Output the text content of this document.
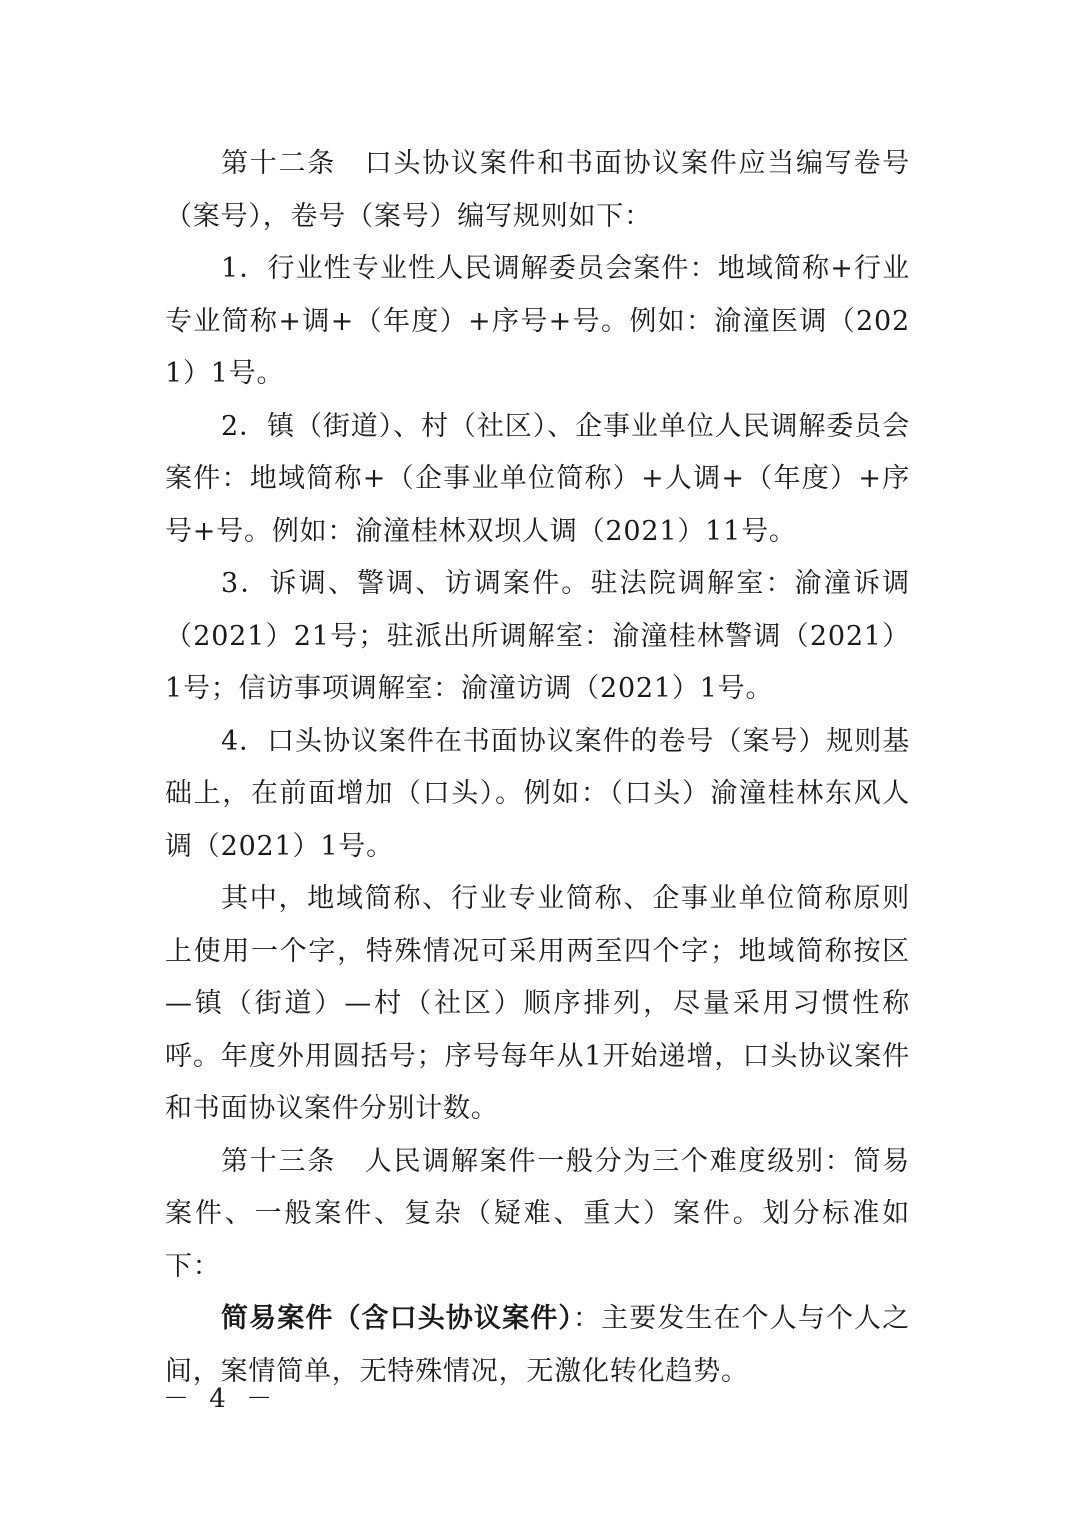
第十二条　口头协议案件和书面协议案件应当编写卷号（案号），卷号（案号）编写规则如下：

1．行业性专业性人民调解委员会案件：地域简称+行业专业简称+调+（年度）+序号+号。例如：渝潼医调（2021）1号。

2．镇（街道）、村（社区）、企事业单位人民调解委员会案件：地域简称+（企事业单位简称）+人调+（年度）+序号+号。例如：渝潼桂林双坝人调（2021）11号。

3．诉调、警调、访调案件。驻法院调解室：渝潼诉调（2021）21号；驻派出所调解室：渝潼桂林警调（2021）1号；信访事项调解室：渝潼访调（2021）1号。

4．口头协议案件在书面协议案件的卷号（案号）规则基础上，在前面增加（口头）。例如：（口头）渝潼桂林东风人调（2021）1号。

其中，地域简称、行业专业简称、企事业单位简称原则上使用一个字，特殊情况可采用两至四个字；地域简称按区—镇（街道）—村（社区）顺序排列，尽量采用习惯性称呼。年度外用圆括号；序号每年从1开始递增，口头协议案件和书面协议案件分别计数。

第十三条　人民调解案件一般分为三个难度级别：简易案件、一般案件、复杂（疑难、重大）案件。划分标准如下：

简易案件（含口头协议案件）：主要发生在个人与个人之间，案情简单，无特殊情况，无激化转化趋势。

－ 4 －
